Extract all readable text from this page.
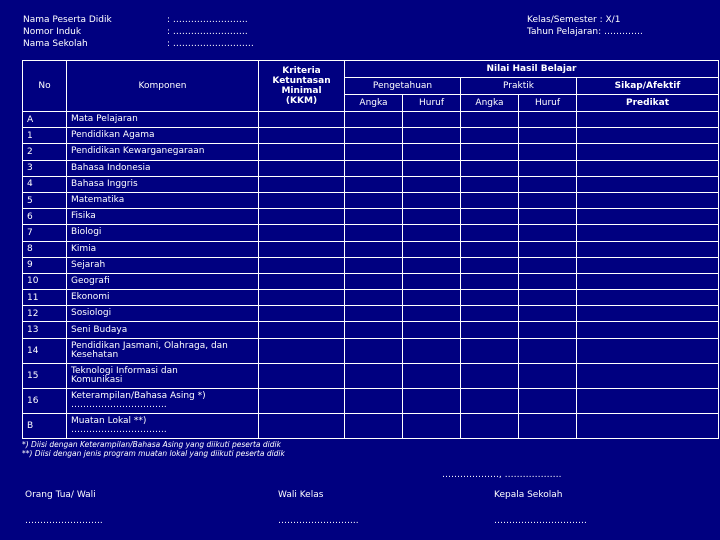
Nama Peserta Didik	: …………………….
Nomor Induk	: …………………….
Nama Sekolah	: ………………………
Kelas/Semester : X/1
Tahun Pelajaran: ………….
No	Komponen	Kriteria Ketuntasan Minimal (KKM)	Nilai Hasil Belajar				
			Pengetahuan		Praktik		Sikap/Afektif
			Angka	Huruf	Angka	Huruf	Predikat
A	Mata Pelajaran						

1	Pendidikan Agama						

2	Pendidikan Kewarganegaraan						

3	Bahasa Indonesia						

4	Bahasa Inggris						

5	Matematika						

6	Fisika						

7	Biologi						

8	Kimia						

9	Sejarah						

10	Geografi						

11	Ekonomi						

12	Sosiologi						

13	Seni Budaya						

14	Pendidikan Jasmani, Olahraga, dan
Kesehatan						

15	Teknologi Informasi dan
Komunikasi						

16	Keterampilan/Bahasa Asing *)
…………………………..						

B	Muatan Lokal **)
…………………………..						

*) Diisi dengan Keterampilan/Bahasa Asing yang diikuti peserta didik
**) Diisi dengan jenis program muatan lokal yang diikuti peserta didik
………………., ……………….
Orang Tua/ Wali	Wali Kelas	Kepala Sekolah
……………………..	……………………...	………………………….
